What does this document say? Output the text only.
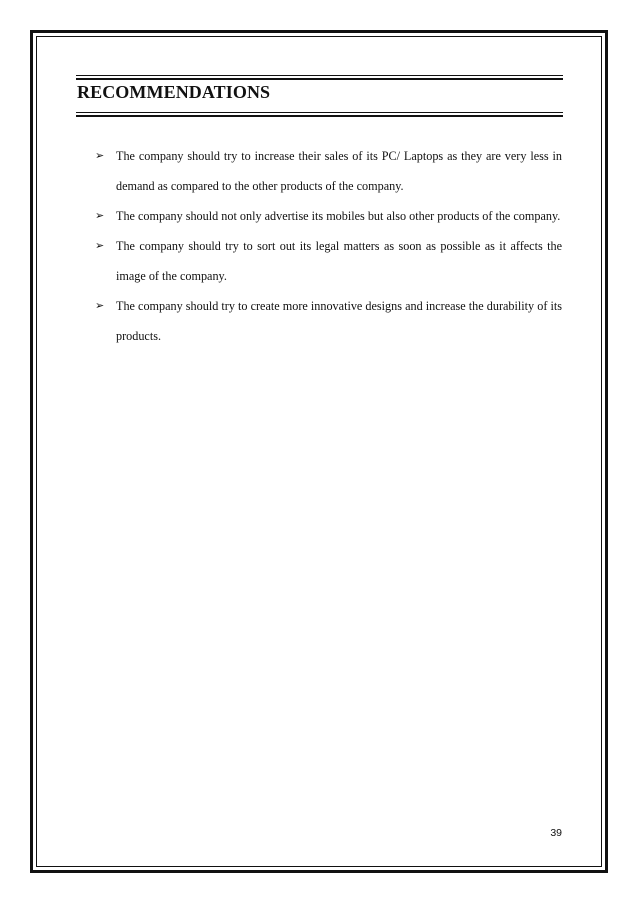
RECOMMENDATIONS
➢ The company should try to increase their sales of its PC/ Laptops as they are very less in demand as compared to the other products of the company.
➢ The company should not only advertise its mobiles but also other products of the company.
➢ The company should try to sort out its legal matters as soon as possible as it affects the image of the company.
➢ The company should try to create more innovative designs and increase the durability of its products.
39
